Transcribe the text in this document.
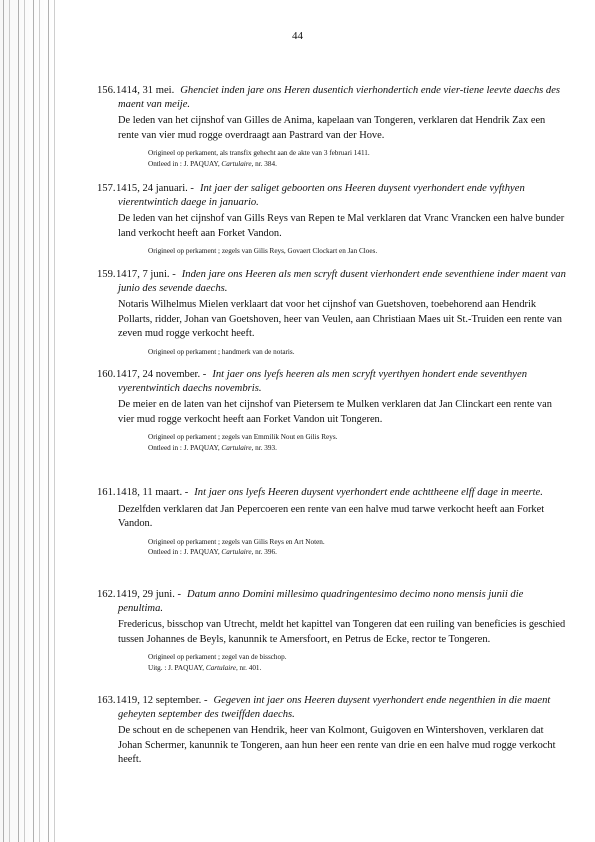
44
156.1414, 31 mei. Ghenciet inden jare ons Heren dusentich vierhondertich ende vier-tiene leevte daechs des maent van meije.
De leden van het cijnshof van Gilles de Anima, kapelaan van Tongeren, verklaren dat Hendrik Zax een rente van vier mud rogge overdraagt aan Pastrard van der Hove.
Origineel op perkament, als transfix gehecht aan de akte van 3 februari 1411.
Ontleed in : J. PAQUAY, Cartulaire, nr. 384.
157.1415, 24 januari. - Int jaer der saliget geboorten ons Heeren duysent vyerhondert ende vyfthyen vierentwintich daege in januario.
De leden van het cijnshof van Gills Reys van Repen te Mal verklaren dat Vranc Vrancken een halve bunder land verkocht heeft aan Forket Vandon.
Origineel op perkament ; zegels van Gilis Reys, Govaert Clockart en Jan Cloes.
159.1417, 7 juni. - Inden jare ons Heeren als men scryft dusent vierhondert ende seventhiene inder maent van junio des sevende daechs.
Notaris Wilhelmus Mielen verklaart dat voor het cijnshof van Guetshoven, toebehorend aan Hendrik Pollarts, ridder, Johan van Goetshoven, heer van Veulen, aan Christiaan Maes uit St.-Truiden een rente van zeven mud rogge verkocht heeft.
Origineel op perkament ; handmerk van de notaris.
160.1417, 24 november. - Int jaer ons lyefs heeren als men scryft vyerthyen hondert ende seventhyen vyerentwintich daechs novembris.
De meier en de laten van het cijnshof van Pietersem te Mulken verklaren dat Jan Clinckart een rente van vier mud rogge verkocht heeft aan Forket Vandon uit Tongeren.
Origineel op perkament ; zegels van Emmilik Nout en Gilis Reys.
Ontleed in : J. PAQUAY, Cartulaire, nr. 393.
161.1418, 11 maart. - Int jaer ons lyefs Heeren duysent vyerhondert ende achttheene elff dage in meerte.
Dezelfden verklaren dat Jan Pepercoeren een rente van een halve mud tarwe verkocht heeft aan Forket Vandon.
Origineel op perkament ; zegels van Gilis Reys en Art Noten.
Ontleed in : J. PAQUAY, Cartulaire, nr. 396.
162.1419, 29 juni. - Datum anno Domini millesimo quadringentesimo decimo nono mensis junii die penultima.
Fredericus, bisschop van Utrecht, meldt het kapittel van Tongeren dat een ruiling van beneficies is geschied tussen Johannes de Beyls, kanunnik te Amersfoort, en Petrus de Ecke, rector te Tongeren.
Origineel op perkament ; zegel van de bisschop.
Uitg. : J. PAQUAY, Cartulaire, nr. 401.
163.1419, 12 september. - Gegeven int jaer ons Heeren duysent vyerhondert ende negenthien in die maent geheyten september des tweiffden daechs.
De schout en de schepenen van Hendrik, heer van Kolmont, Guigoven en Wintershoven, verklaren dat Johan Schermer, kanunnik te Tongeren, aan hun heer een rente van drie en een halve mud rogge verkocht heeft.
